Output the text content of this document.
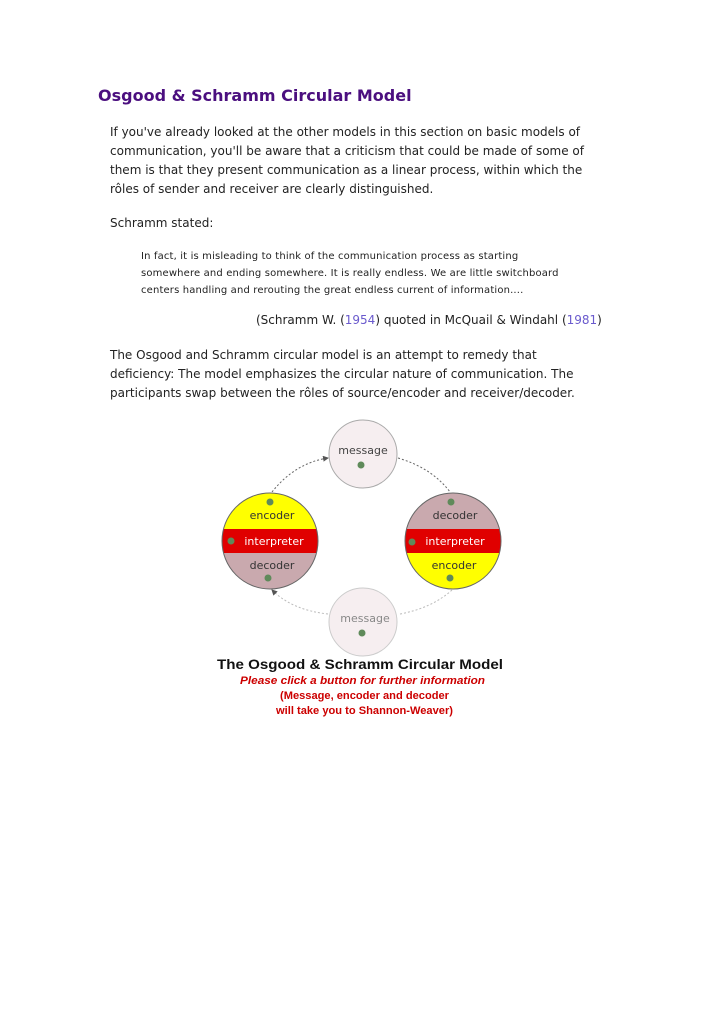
Osgood & Schramm Circular Model
If you've already looked at the other models in this section on basic models of
communication, you'll be aware that a criticism that could be made of some of
them is that they present communication as a linear process, within which the
rôles of sender and receiver are clearly distinguished.
Schramm stated:
In fact, it is misleading to think of the communication process as starting
somewhere and ending somewhere. It is really endless. We are little switchboard
centers handling and rerouting the great endless current of information....
(Schramm W. (1954) quoted in McQuail & Windahl (1981)
The Osgood and Schramm circular model is an attempt to remedy that
deficiency: The model emphasizes the circular nature of communication. The
participants swap between the rôles of source/encoder and receiver/decoder.
message
encoder
interpreter
decoder
decoder
interpreter
encoder
message
The Osgood & Schramm Circular Model
Please click a button for further information
(Message, encoder and decoder
will take you to Shannon-Weaver)
